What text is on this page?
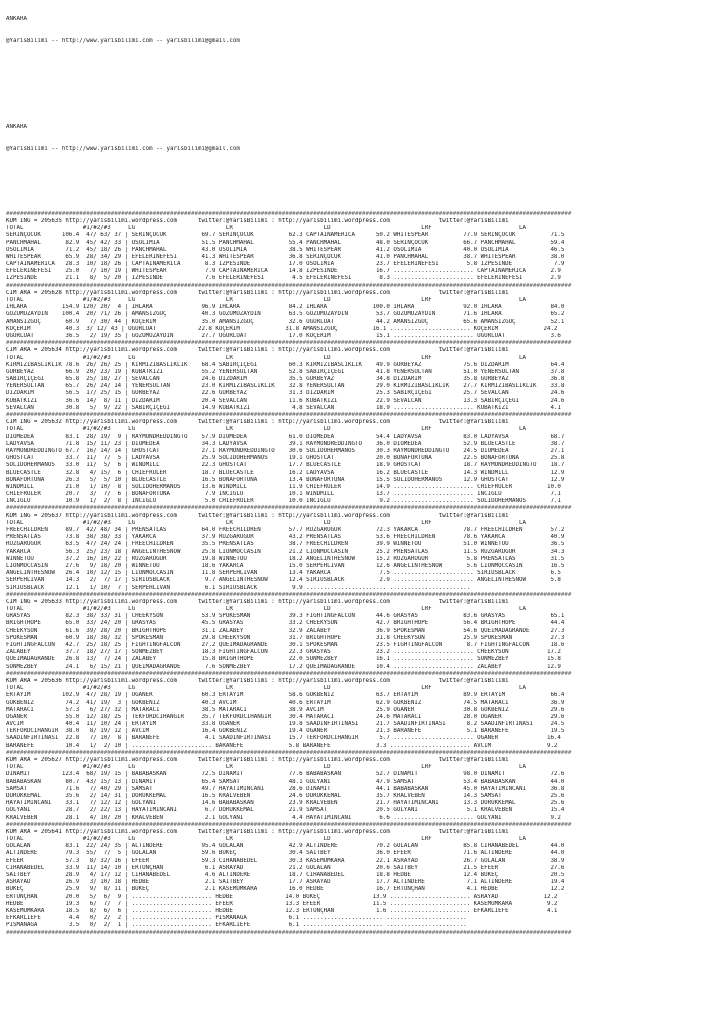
ANKARA

@YarisBilimi -- http://www.yarisbilimi.com -- yarisbilimi@gmail.com

ANKARA

@YarisBilimi -- http://www.yarisbilimi.com -- yarisbilimi@gmail.com

##################################################################################################################################################################
KUM ING = 205635 http://yarisbilimi.wordpress.com      twitter:@YarisBilimi : http://yarisbilimi.wordpress.com              twitter:@YarisBilimi
TOTAL                 #1/#2/#3     LG                          LR                          LD                          LRF                         LA
SERINÇOCUK      106.4  47/ 63/ 37 | SERINÇOCUK          69.7 SERINÇOCUK          62.3 CAPTAINAMERICA      50.2 WHITESPEAR          77.9 SERINÇOCUK          71.5
PANCHMAHAL       82.9  45/ 42/ 33 | OSOLIMIA            51.5 PANCHMAHAL          55.4 PANCHMAHAL          48.0 SERINÇOCUK          66.7 PANCHMAHAL          59.4
OSOLIMIA         71.2  45/ 18/ 26 | PANCHMAHAL          43.0 OSOLIMIA            38.5 WHITESPEAR          41.2 OSOLIMIA            40.0 OSOLIMIA            46.5
WHITESPEAR       65.9  28/ 34/ 29 | EFELERINEFESI       41.3 WHITESPEAR          36.8 SERINÇOCUK          41.0 PANCHMAHAL          38.7 WHITESPEAR          38.0
CAPTAINAMERICA   28.3  10/ 18/ 26 | CAPTAINAMERICA       8.3 IZPESINDE           17.0 OSOLIMIA            23.7 EFELERINEFESI        5.8 IZPESINDE            7.9
EFELERINEFESI    25.0   7/ 10/ 19 | WHITESPEAR           7.9 CAPTAINAMERICA      14.8 IZPESINDE           16.7 ....................... CAPTAINAMERICA       2.9
IZPESINDE        21.1   8/  5/ 20 | IZPESINDE            7.6 EFELERINEFESI        4.5 EFELERINEFESI        8.3 ....................... EFELERINEFESI        2.9
##################################################################################################################################################################
CIM ARA = 205628 http://yarisbilimi.wordpress.com      twitter:@YarisBilimi : http://yarisbilimi.wordpress.com              twitter:@YarisBilimi
TOTAL                 #1/#2/#3     LG                          LR                          LD                          LRF                         LA
IHLARA          154.9 120/ 20/  4 | IHLARA              96.9 IHLARA              84.2 IHLARA             100.0 IHLARA              92.0 IHLARA              84.0
GÖZÜMÜZAYDIN    100.4  20/ 71/ 26 | AMANSIZGÜÇ          40.3 GÖZÜMÜZAYDIN        63.5 GÖZÜMÜZAYDIN        53.7 GÖZÜMÜZAYDIN        71.6 IHLARA              65.2
AMANSIZGÜÇ       60.9   7/ 30/ 44 | KOÇERIM             35.0 AMANSIZGÜÇ          32.6 UGURLUAT            44.2 AMANSIZGÜÇ          65.6 AMANSIZGÜÇ          52.1
KOÇERIM          40.3  3/ 12/ 43 | UGURLUAT            22.8 KOÇERIM             31.8 AMANSIZGÜÇ          16.1 ....................... KOÇERIM             24.2
UGURLUAT         36.5   2/ 19/ 35 | GÖZÜMÜZAYDIN        27.7 UGURLUAT            17.0 KOÇERIM             15.1 ....................... UGURLUAT             3.6
##################################################################################################################################################################
CIM ARA = 205634 http://yarisbilimi.wordpress.com      twitter:@YarisBilimi : http://yarisbilimi.wordpress.com              twitter:@YarisBilimi
TOTAL                 #1/#2/#3     LG                          LR                          LD                          LRF                         LA
KIRMIZIBASLIKLIK 78.6  26/ 26/ 25 | KIRMIZIBASLIKLIK    68.4 SABIRÇIÇEGI         60.3 KIRMIZIBASLIKLIK    49.9 GÜRBEYAZ            75.6 DIZDARIM            64.4
GÜRBEYAZ         66.9  20/ 23/ 19 | KUBATKIZI           55.2 YENERSULTAN         52.8 SABIRÇIÇEGI         41.8 YENERSULTAN         51.0 YENERSULTAN         37.8
SABIRÇIÇEGI      65.8  25/ 18/ 27 | SEVALCAN            24.6 DIZDARIM            35.5 GÜRBEYAZ            34.8 DIZDARIM            35.8 GÜRBEYAZ            36.8
YENERSULTAN      65.7  26/ 24/ 14 | YENERSULTAN         23.0 KIRMIZIBASLIKLIK    32.8 YENERSULTAN         29.0 KIRMIZIBASLIKLIK    27.7 KIRMIZIBASLIKLIK    33.8
DIZDARIM         56.5  17/ 25/ 15 | GÜRBEYAZ            22.6 GÜRBEYAZ            31.3 DIZDARIM            25.3 SABIRÇIÇEGI         25.7 SEVALCAN            24.6
KUBATKIZI        36.6  14/  8/ 11 | DIZDARIM            20.4 SEVALCAN            11.6 KUBATKIZI           22.9 SEVALCAN            13.3 SABIRÇIÇEGI         24.6
SEVALCAN         30.8   5/  9/ 22 | SABIRÇIÇEGI         14.9 KUBATKIZI            4.8 SEVALCAN            18.9 ....................... KUBATKIZI            4.1
##################################################################################################################################################################
CIM ING = 205632 http://yarisbilimi.wordpress.com      twitter:@YarisBilimi : http://yarisbilimi.wordpress.com              twitter:@YarisBilimi
TOTAL                 #1/#2/#3     LG                          LR                          LD                          LRF                         LA
DIOMEDEA         83.1  28/ 19/  9 | RAYMONDREDDINGTO    57.9 DIOMEDEA            61.0 DIOMEDEA            54.4 LADYAVSA            83.0 LADYAVSA            68.7
LADYAVSA         71.8  15/ 11/ 23 | DIOMEDEA            34.3 LADYAVSA            39.1 RAYMONDREDDINGTO    36.0 DIOMEDEA            52.9 BLUECASTLE          38.7
RAYMONDREDDINGTO 67.7  16/ 14/ 14 | GHOSTCAT            27.1 RAYMONDREDDINGTO    30.6 SOLIDOHERMANOS      30.3 RAYMONDREDDINGTO    24.5 DIOMEDEA            27.1
GHOSTCAT         33.7  11/  7/  5 | LADYAVSA            25.9 SOLIDOHERMANOS      19.1 GHOSTCAT            20.0 BONAFORTUNA         22.5 BONAFORTUNA         25.8
SOLIDOHERMANOS   33.0  11/  5/  6 | WINDMILL            22.3 GHOSTCAT            17.7 BLUECASTLE          18.9 GHOSTCAT            18.7 RAYMONDREDDINGTO    18.7
BLUECASTLE       32.8   4/ 15/  6 | CHIEFRULER          18.7 BLUECASTLE          16.2 LADYAVSA            16.2 BLUECASTLE          14.3 WINDMILL            12.9
BONAFORTUNA      26.3   5/  5/ 10 | BLUECASTLE          16.5 BONAFORTUNA         13.4 BONAFORTUNA         15.5 SOLIDOHERMANOS      12.9 GHOSTCAT            12.9
WINDMILL         21.0   1/ 10/  8 | SOLIDOHERMANOS      13.6 WINDMILL            11.9 CHIEFRULER          14.9 ....................... CHIEFRULER          10.0
CHIEFRULER       20.7   3/  7/  6 | BONAFORTUNA          7.9 INCIGLU             10.1 WINDMILL            13.7 ....................... INCIGLU              7.1
INCIGLU          10.9   1/  2/  8 | INCIGLU              5.0 CHIEFRULER          10.0 INCIGLU              9.2 ....................... SOLIDOHERMANOS       7.1
##################################################################################################################################################################
KUM ING = 205637 http://yarisbilimi.wordpress.com      twitter:@YarisBilimi : http://yarisbilimi.wordpress.com              twitter:@YarisBilimi
TOTAL                 #1/#2/#3     LG                          LR                          LD                          LRF                         LA
FREECHILDREN     89.7  42/ 48/ 34 | PRENSATLAS          64.0 FREECHILDREN        57.7 RÜZGARUGUR          72.3 YAKARCA             78.7 FREECHILDREN        57.2
PRENSATLAS       73.8  38/ 38/ 33 | YAKARCA             37.9 RÜZGARUGUR          43.2 PRENSATLAS          53.6 FREECHILDREN        78.6 YAKARCA             40.9
RÜZGARUGUR       63.5  47/ 24/ 24 | FREECHILDREN        35.5 PRENSATLAS          38.7 FREECHILDREN        39.9 WINNETOU            51.0 WINNETOU            36.5
YAKARCA          56.3  25/ 23/ 18 | ANGELINTHESNOW      25.8 LIONMOCCASIN        21.2 LIONMOCCASIN        25.2 PRENSATLAS          11.5 RÜZGARUGUR          34.3
WINNETOU         37.2  16/ 10/ 22 | RÜZGARUGUR          19.8 WINNETOU            18.2 ANGELINTHESNOW      15.2 RÜZGARUGUR           5.8 PRENSATLAS          31.5
LIONMOCCASIN     27.6   9/ 18/ 20 | WINNETOU            18.6 YAKARCA             15.0 SERPEHLIVAN         12.6 ANGELINTHESNOW       5.6 LIONMOCCASIN        16.5
ANGELINTHESNOW   26.4  10/ 12/ 15 | LIONMOCCASIN        11.8 SERPEHLIVAN         13.4 YAKARCA              7.5 ....................... SIRIUSBLACK          6.5
SERPEHLIVAN      14.3   2/  7/ 17 | SIRIUSBLACK          9.7 ANGELINTHESNOW      12.4 SIRIUSBLACK          2.9 ....................... ANGELINTHESNOW       5.8
SIRIUSBLACK      12.1   1/ 10/  7 | SERPEHLIVAN          6.1 SIRIUSBLACK          9.9 ....................... .......................
##################################################################################################################################################################
CIM ING = 205633 http://yarisbilimi.wordpress.com      twitter:@YarisBilimi : http://yarisbilimi.wordpress.com              twitter:@YarisBilimi
TOTAL                 #1/#2/#3     LG                          LR                          LD                          LRF                         LA
GRASYAS          82.3  38/ 33/ 31 | CHEEKYSON           53.9 SPOKESMAN           39.3 FIGHTINGFALCON      44.6 GRASYAS             83.6 GRASYAS             65.1
BRIGHTHOPE       65.0  33/ 24/ 20 | GRASYAS             45.5 GRASYAS             33.2 CHEEKYSON           42.7 BRIGHTHOPE          56.4 BRIGHTHOPE          44.4
CHEEKYSON        61.6  39/ 28/ 20 | BRIGHTHOPE          31.1 ZALABEY             32.9 ZALABEY             36.9 SPOKESMAN           54.6 QUEIMADAGRANDE      27.3
SPOKESMAN        60.9  18/ 38/ 32 | SPOKESMAN           29.8 CHEEKYSON           31.7 BRIGHTHOPE          31.8 CHEEKYSON           25.9 SPOKESMAN           27.3
FIGHTINGFALCON   42.7  25/ 18/ 25 | FIGHTINGFALCON      27.2 QUEIMADAGRANDE      30.1 SPOKESMAN           23.5 FIGHTINGFALCON       8.7 FIGHTINGFALCON      18.6
ZALABEY          37.7  18/ 27/ 17 | SÖNMEZBEY           18.3 FIGHTINGFALCON      22.3 GRASYAS             23.2 ....................... CHEEKYSON           17.2
QUEIMADAGRANDE   26.8  13/  7/ 24 | ZALABEY             15.8 BRIGHTHOPE          22.0 SÖNMEZBEY           16.1 ....................... SÖNMEZBEY           15.8
SÖNMEZBEY        24.1   6/ 15/ 21 | QUEIMADAGRANDE       7.6 SÖNMEZBEY           17.2 QUEIMADAGRANDE      10.4 ....................... ZALABEY             12.9
##################################################################################################################################################################
KUM ARA = 205636 http://yarisbilimi.wordpress.com      twitter:@YarisBilimi : http://yarisbilimi.wordpress.com              twitter:@YarisBilimi
TOTAL                 #1/#2/#3     LG                          LR                          LD                          LRF                         LA
ERTAYIM         102.9  47/ 28/ 19 | OGANER              60.3 ERTAYIM             58.6 GÖKBENIZ            63.7 ERTAYIM             89.9 ERTAYIM             66.4
GÖKBENIZ         74.2  41/ 19/  3 | GÖKBENIZ            40.3 AVCIM               40.6 ERTAYIM             62.9 GÖKBENIZ            74.5 MATARACI            36.9
MATARACI         57.3   6/ 27/ 32 | MATARACI            38.5 MATARACI            38.9 AVCIM               25.9 OGANER              30.8 GÖKBENIZ            29.6
OGANER           55.0  12/ 18/ 25 | TEKFORDCIHANGIR     35.7 TEKFORDCIHANGIR     30.4 MATARACI            24.6 MATARACI            28.0 OGANER              29.6
AVCIM            40.4  11/ 10/ 24 | ERTAYIM             33.8 OGANER              19.8 SAADINFIRTINASI     21.7 SAADINFIRTINASI      8.2 SAADINFIRTINASI     24.5
TEKFORDCIHANGIR  38.0   8/ 19/ 12 | AVCIM               16.4 GÖKBENIZ            19.4 OGANER              21.3 BARANEFE             5.1 BARANEFE            19.5
SAADINFIRTINASI  22.8   7/ 10/  8 | BARANEFE             4.1 SAADINFIRTINASI     15.7 TEKFORDCIHANGIR      5.7 ....................... OGANER              16.4
BARANEFE         10.4   1/  2/ 10 | ....................... BARANEFE             5.8 BARANEFE             3.3 ....................... AVCIM                9.2
##################################################################################################################################################################
KUM ARA = 205627 http://yarisbilimi.wordpress.com      twitter:@YarisBilimi : http://yarisbilimi.wordpress.com              twitter:@YarisBilimi
TOTAL                 #1/#2/#3     LG                          LR                          LD                          LRF                         LA
DINAMIT         123.4  68/ 19/ 15 | BABABASKAN          72.5 DINAMIT             77.6 BABABASKAN          52.7 DINAMIT             98.0 DINAMIT             72.6
BABABASKAN       80.7  43/ 15/ 13 | DINAMIT             65.4 SAMSAT              48.1 GÖLYANI             47.9 SAMSAT              53.4 BABABASKAN          44.0
SAMSAT           71.6   7/ 40/ 29 | SAMSAT              49.7 HAYATIMINCANI       28.6 DINAMIT             44.1 BABABASKAN          45.0 HAYATIMINCANI       36.8
DORUKKEMAL       35.6   2/ 14/ 31 | DORUKKEMAL          16.5 KRALVEBEN           24.6 DORUKKEMAL          35.7 KRALVEBEN           14.3 SAMSAT              25.6
HAYATIMINCANI    33.1   7/ 12/ 12 | GÖLYANI             14.6 BABABASKAN          23.9 KRALVEBEN           21.7 HAYATIMINCANI       13.3 DORUKKEMAL          25.6
GÖLYANI          28.7   2/ 22/ 13 | HAYATIMINCANI        6.7 DORUKKEMAL          21.9 SAMSAT              20.5 GÖLYANI              5.1 KRALVEBEN           15.4
KRALVEBEN        28.1   4/ 10/ 20 | KRALVEBEN            2.1 GÖLYANI              4.4 HAYATIMINCANI        6.6 ....................... GÖLYANI              9.2
##################################################################################################################################################################
KUM ARA = 205641 http://yarisbilimi.wordpress.com      twitter:@YarisBilimi : http://yarisbilimi.wordpress.com              twitter:@YarisBilimi
TOTAL                 #1/#2/#3     LG                          LR                          LD                          LRF                         LA
GÖLALAN          83.1  22/ 24/ 35 | ALTINDERE           95.4 GÖLALAN             42.9 ALTINDERE           70.2 GÖLALAN             85.8 CIHANABEDEL         44.0
ALTINDERE        79.3  55/  7/  5 | GÖLALAN             59.6 BÜKEÇ               30.4 SAITBEY             36.0 EFEER               71.6 ALTINDERE           44.0
EFEER            57.3   8/ 32/ 16 | EFEER               59.3 CIHANABEDEL         30.3 KASEMUMKARA         22.1 ASRAYAD             26.7 GÖLALAN             38.9
CIHANABEDEL      33.9  11/ 14/ 10 | ERTUNÇHAN            6.1 ASRAYAD             21.2 GÖLALAN             20.6 SAITBEY             21.5 EFEER               27.6
SAITBEY          28.9   4/ 17/ 12 | CIHANABEDEL          4.6 ALTINDERE           18.7 CIHANABEDEL         18.8 HEDBE               12.4 BÜKEÇ               20.5
ASRAYAD          26.9   3/ 10/ 18 | HEDBE                2.1 SAITBEY             17.7 ASRAYAD             17.7 ALTINDERE            7.1 ALTINDERE           19.4
BÜKEÇ            25.9   9/  8/ 11 | BÜKEÇ                2.1 KASEMUMKARA         16.0 HEDBE               16.7 ERTUNÇHAN            4.1 HEDBE               12.2
ERTUNÇHAN        20.0   5/  6/  9 | ....................... HEDBE               14.0 BÜKEÇ               13.9 ....................... ASRAYAD             12.2
HEDBE            19.3   6/  7/  7 | ....................... EFEER               13.3 EFEER               11.5 ....................... KASEMUMKARA          9.2
KASEMUMKARA      18.5   8/  6/  6 | ....................... HEDBE               12.3 ERTUNÇHAN            1.6 ....................... EFKARLIEFE           4.1
EFKARLIEFE        4.4   0/  2/  2 | ....................... PISMANAGA            6.1 ....................... .......................
PISMANAGA         3.5   0/  2/  1 | ....................... EFKARLIEFE           6.1 ....................... .......................
##################################################################################################################################################################
